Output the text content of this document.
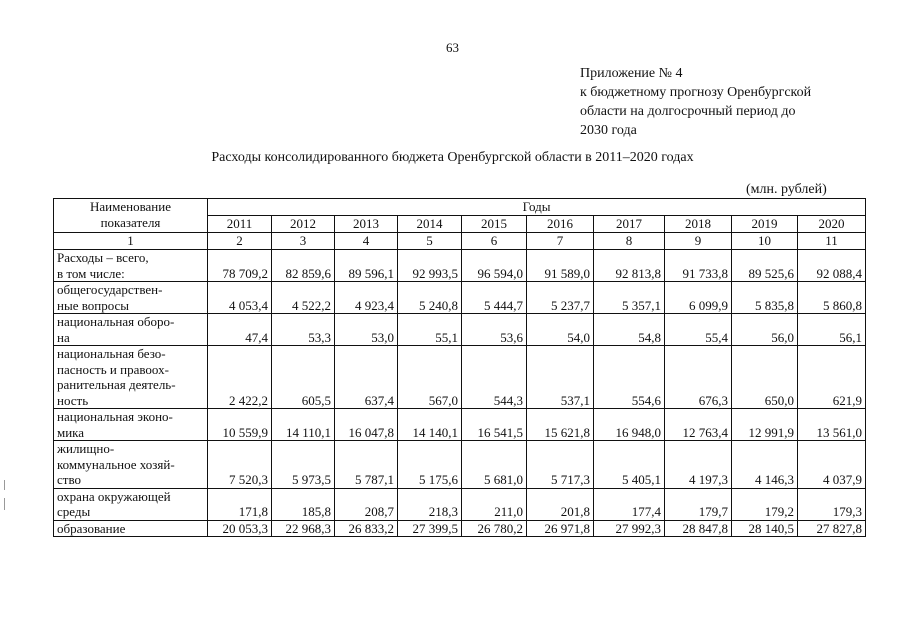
63
Приложение № 4
к бюджетному прогнозу Оренбургской
области на долгосрочный период до
2030 года
Расходы консолидированного бюджета Оренбургской области в 2011–2020 годах
(млн. рублей)
Наименование
показателя	Годы									
	2011	2012	2013	2014	2015	2016	2017	2018	2019	2020
1	2	3	4	5	6	7	8	9	10	11
Расходы – всего,
в том числе:	78 709,2	82 859,6	89 596,1	92 993,5	96 594,0	91 589,0	92 813,8	91 733,8	89 525,6	92 088,4
общегосударствен-
ные вопросы	4 053,4	4 522,2	4 923,4	5 240,8	5 444,7	5 237,7	5 357,1	6 099,9	5 835,8	5 860,8
национальная оборо-
на	47,4	53,3	53,0	55,1	53,6	54,0	54,8	55,4	56,0	56,1
национальная безо-
пасность и правоох-
ранительная деятель-
ность	2 422,2	605,5	637,4	567,0	544,3	537,1	554,6	676,3	650,0	621,9
национальная эконо-
мика	10 559,9	14 110,1	16 047,8	14 140,1	16 541,5	15 621,8	16 948,0	12 763,4	12 991,9	13 561,0
жилищно-
коммунальное хозяй-
ство	7 520,3	5 973,5	5 787,1	5 175,6	5 681,0	5 717,3	5 405,1	4 197,3	4 146,3	4 037,9
охрана окружающей
среды	171,8	185,8	208,7	218,3	211,0	201,8	177,4	179,7	179,2	179,3
образование	20 053,3	22 968,3	26 833,2	27 399,5	26 780,2	26 971,8	27 992,3	28 847,8	28 140,5	27 827,8
